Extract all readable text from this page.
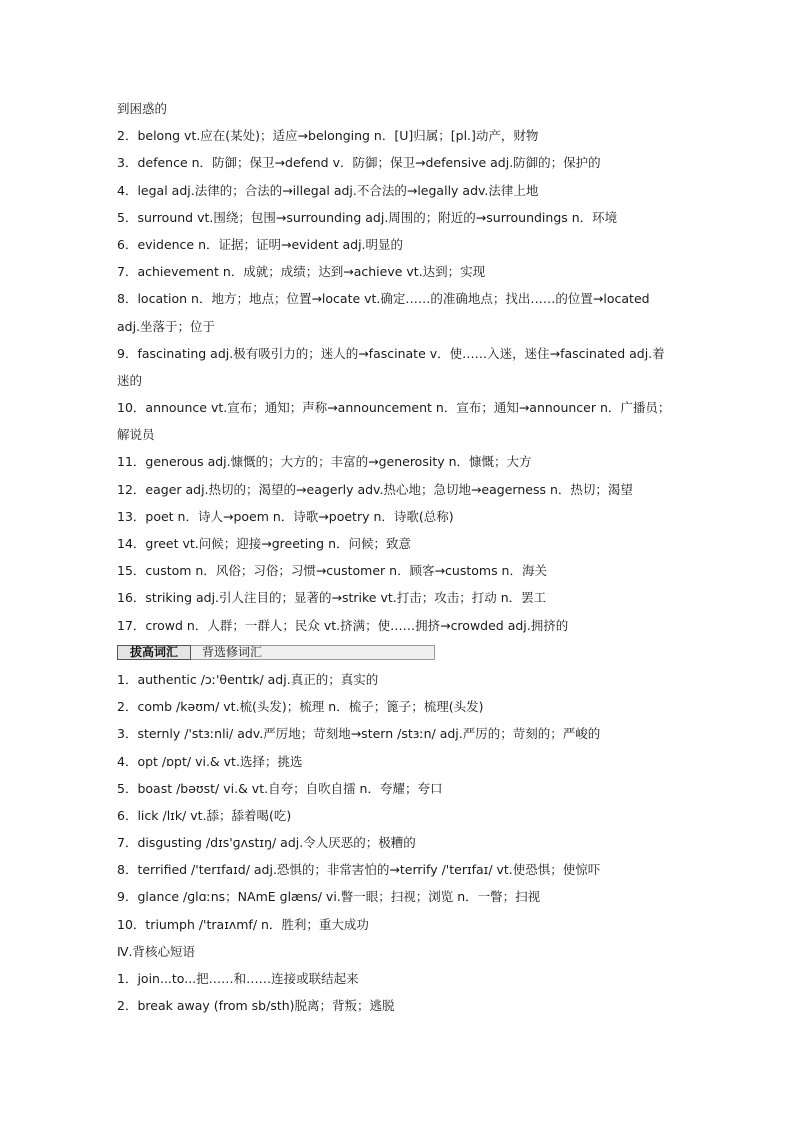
到困惑的
2．belong vt.应在(某处)；适应→belonging n．[U]归属；[pl.]动产，财物
3．defence n．防御；保卫→defend v．防御；保卫→defensive adj.防御的；保护的
4．legal adj.法律的；合法的→illegal adj.不合法的→legally adv.法律上地
5．surround vt.围绕；包围→surrounding adj.周围的；附近的→surroundings n．环境
6．evidence n．证据；证明→evident adj.明显的
7．achievement n．成就；成绩；达到→achieve vt.达到；实现
8．location n．地方；地点；位置→locate vt.确定……的准确地点；找出……的位置→located
adj.坐落于；位于
9．fascinating adj.极有吸引力的；迷人的→fascinate v．使……入迷，迷住→fascinated adj.着
迷的
10．announce vt.宣布；通知；声称→announcement n．宣布；通知→announcer n．广播员；
解说员
11．generous adj.慷慨的；大方的；丰富的→generosity n．慷慨；大方
12．eager adj.热切的；渴望的→eagerly adv.热心地；急切地→eagerness n．热切；渴望
13．poet n．诗人→poem n．诗歌→poetry n．诗歌(总称)
14．greet vt.问候；迎接→greeting n．问候；致意
15．custom n．风俗；习俗；习惯→customer n．顾客→customs n．海关
16．striking adj.引人注目的；显著的→strike vt.打击；攻击；打动 n．罢工
17．crowd n．人群；一群人；民众 vt.挤满；使……拥挤→crowded adj.拥挤的
拔高词汇	背选修词汇
1．authentic /ɔː'θentɪk/ adj.真正的；真实的
2．comb /kəʊm/ vt.梳(头发)；梳理 n．梳子；篦子；梳理(头发)
3．sternly /'stɜːnli/ adv.严厉地；苛刻地→stern /stɜːn/ adj.严厉的；苛刻的；严峻的
4．opt /ɒpt/ vi.& vt.选择；挑选
5．boast /bəʊst/ vi.& vt.自夸；自吹自擂 n．夸耀；夸口
6．lick /lɪk/ vt.舔；舔着喝(吃)
7．disgusting /dɪs'ɡʌstɪŋ/ adj.令人厌恶的；极糟的
8．terrified /'terɪfaɪd/ adj.恐惧的；非常害怕的→terrify /'terɪfaɪ/ vt.使恐惧；使惊吓
9．glance /ɡlɑːns；NAmE ɡlæns/ vi.瞥一眼；扫视；浏览 n．一瞥；扫视
10．triumph /'traɪʌmf/ n．胜利；重大成功
Ⅳ.背核心短语
1．join...to...把……和……连接或联结起来
2．break away (from sb/sth)脱离；背叛；逃脱
